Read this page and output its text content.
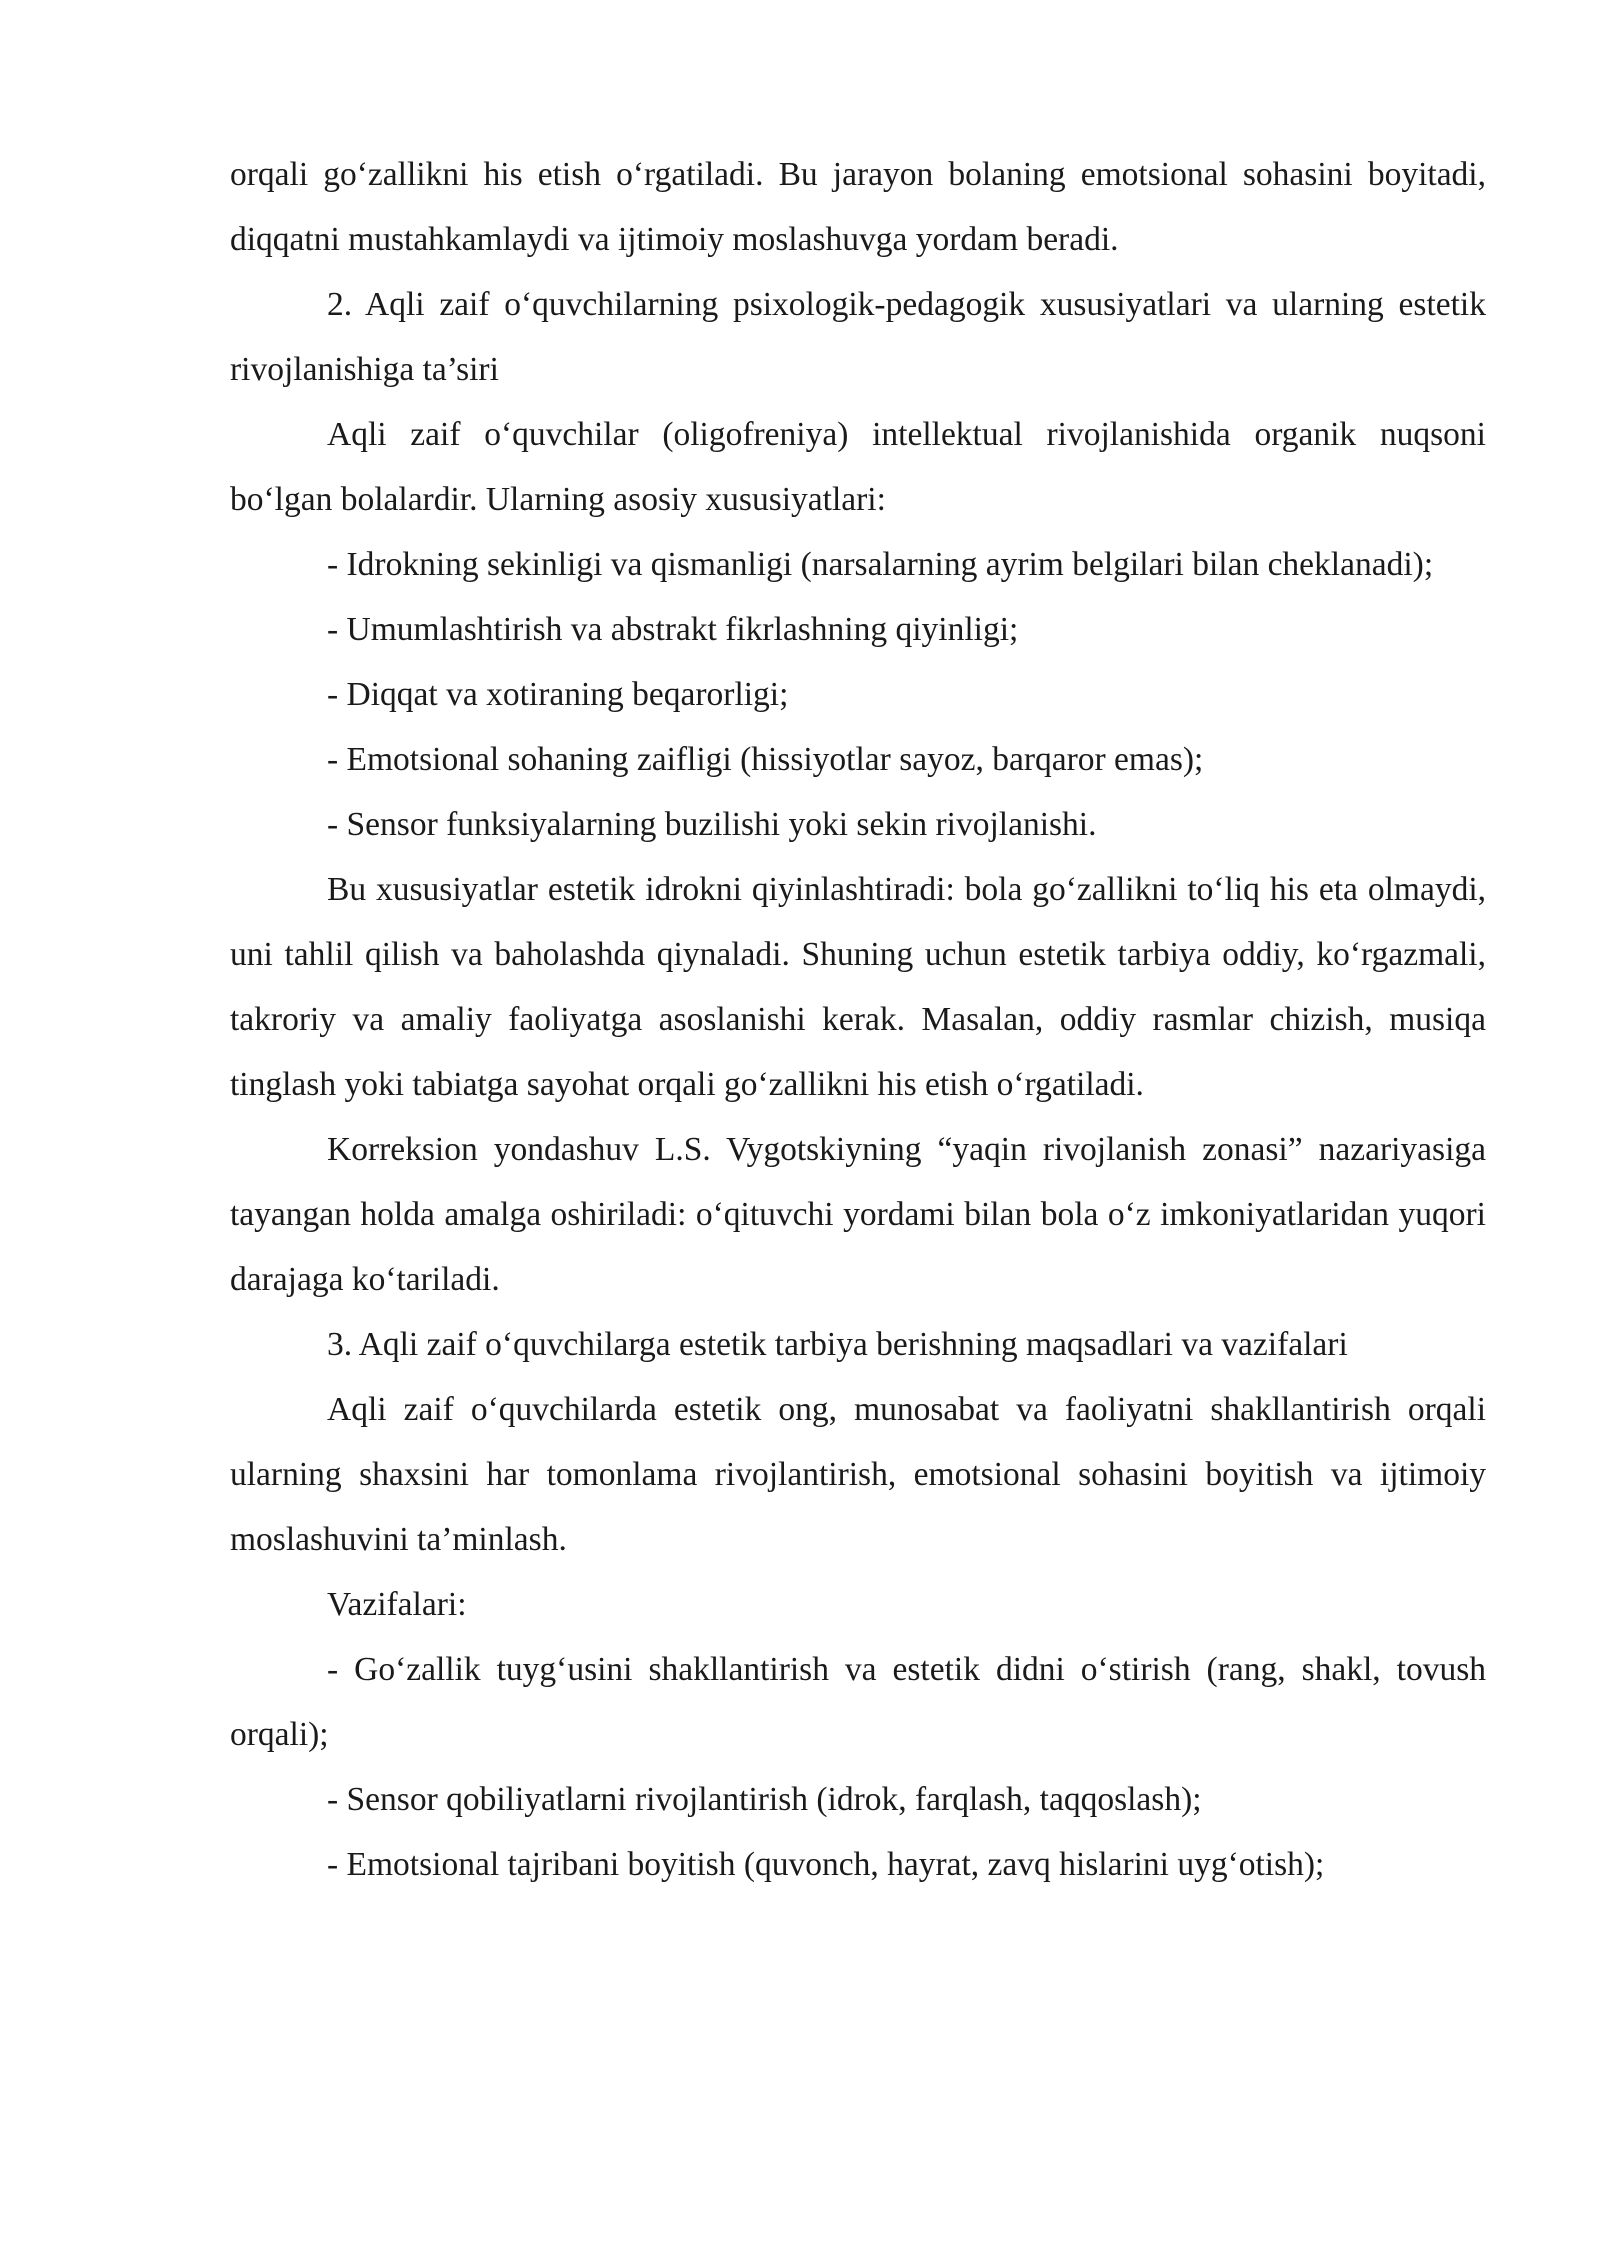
orqali go‘zallikni his etish o‘rgatiladi. Bu jarayon bolaning emotsional sohasini boyitadi, diqqatni mustahkamlaydi va ijtimoiy moslashuvga yordam beradi.

2. Aqli zaif o‘quvchilarning psixologik-pedagogik xususiyatlari va ularning estetik rivojlanishiga ta’siri

Aqli zaif o‘quvchilar (oligofreniya) intellektual rivojlanishida organik nuqsoni bo‘lgan bolalardir. Ularning asosiy xususiyatlari:

- Idrokning sekinligi va qismanligi (narsalarning ayrim belgilari bilan cheklanadi);

- Umumlashtirish va abstrakt fikrlashning qiyinligi;

- Diqqat va xotiraning beqarorligi;

- Emotsional sohaning zaifligi (hissiyotlar sayoz, barqaror emas);

- Sensor funksiyalarning buzilishi yoki sekin rivojlanishi.

Bu xususiyatlar estetik idrokni qiyinlashtiradi: bola go‘zallikni to‘liq his eta olmaydi, uni tahlil qilish va baholashda qiynaladi. Shuning uchun estetik tarbiya oddiy, ko‘rgazmali, takroriy va amaliy faoliyatga asoslanishi kerak. Masalan, oddiy rasmlar chizish, musiqa tinglash yoki tabiatga sayohat orqali go‘zallikni his etish o‘rgatiladi.

Korreksion yondashuv L.S. Vygotskiyning “yaqin rivojlanish zonasi” nazariyasiga tayangan holda amalga oshiriladi: o‘qituvchi yordami bilan bola o‘z imkoniyatlaridan yuqori darajaga ko‘tariladi.

3. Aqli zaif o‘quvchilarga estetik tarbiya berishning maqsadlari va vazifalari

Aqli zaif o‘quvchilarda estetik ong, munosabat va faoliyatni shakllantirish orqali ularning shaxsini har tomonlama rivojlantirish, emotsional sohasini boyitish va ijtimoiy moslashuvini ta’minlash.

Vazifalari:

- Go‘zallik tuyg‘usini shakllantirish va estetik didni o‘stirish (rang, shakl, tovush orqali);

- Sensor qobiliyatlarni rivojlantirish (idrok, farqlash, taqqoslash);

- Emotsional tajribani boyitish (quvonch, hayrat, zavq hislarini uyg‘otish);
